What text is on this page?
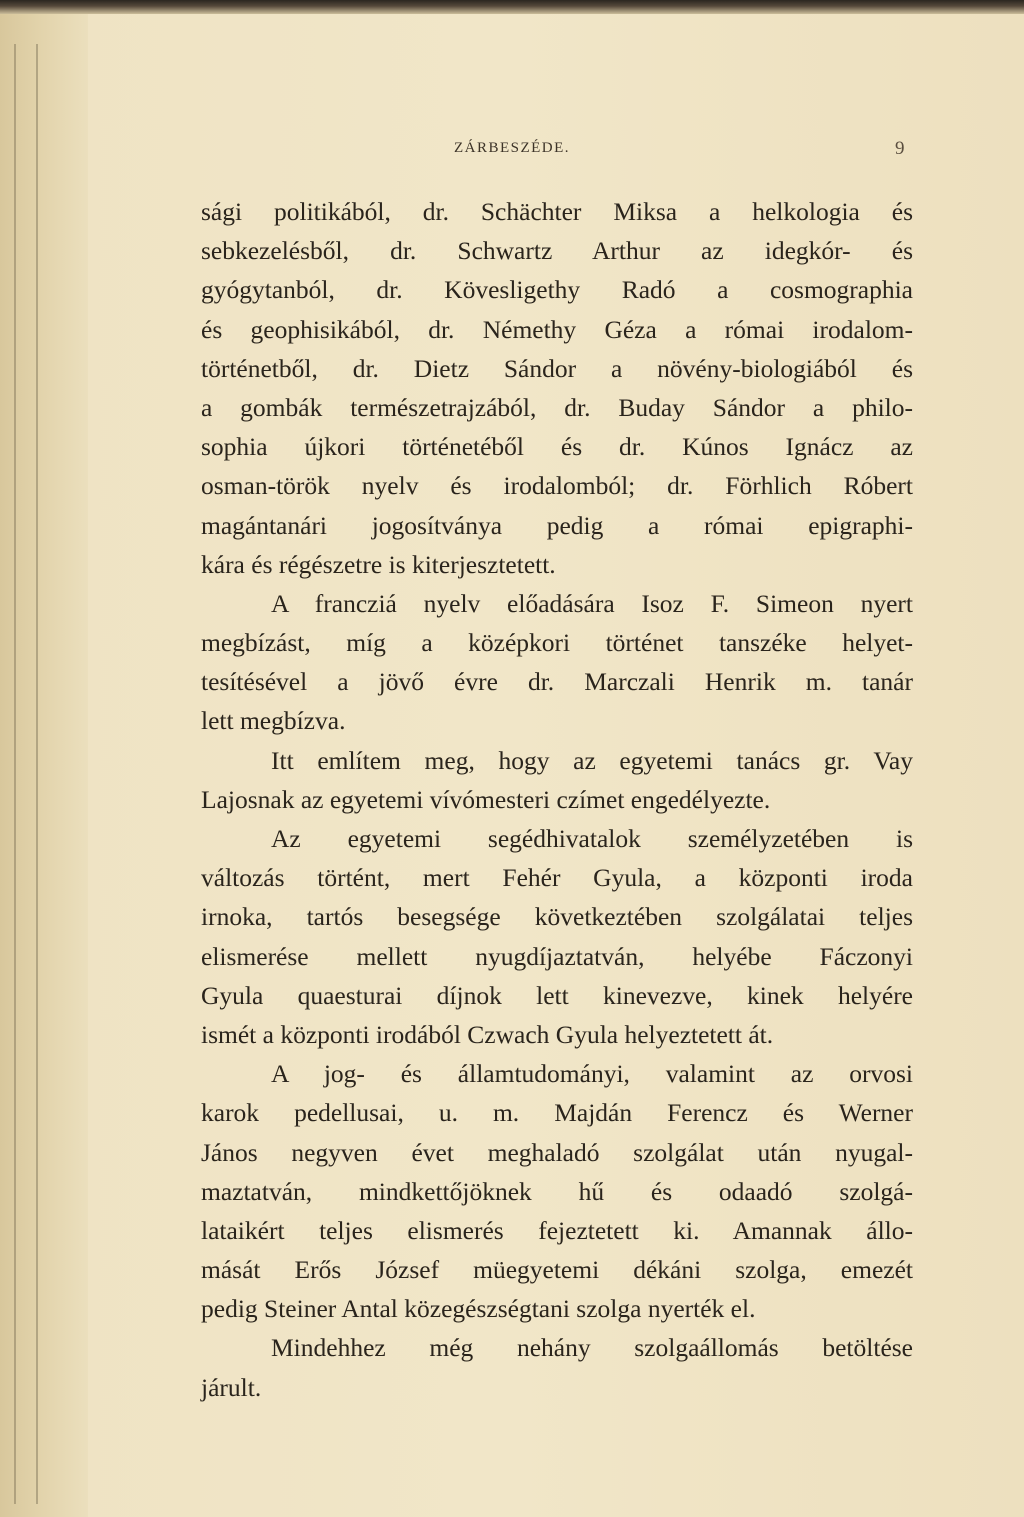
ZÁRBESZÉDE.	9
sági politikából, dr. Schächter Miksa a helkologia és
sebkezelésből, dr. Schwartz Arthur az idegkór- és
gyógytanból, dr. Kövesligethy Radó a cosmographia
és geophisikából, dr. Némethy Géza a római irodalom-
történetből, dr. Dietz Sándor a növény-biologiából és
a gombák természetrajzából, dr. Buday Sándor a philo-
sophia újkori történetéből és dr. Kúnos Ignácz az
osman-török nyelv és irodalomból; dr. Förhlich Róbert
magántanári jogosítványa pedig a római epigraphi-
kára és régészetre is kiterjesztetett.
A francziá nyelv előadására Isoz F. Simeon nyert
megbízást, míg a középkori történet tanszéke helyet-
tesítésével a jövő évre dr. Marczali Henrik m. tanár
lett megbízva.
Itt említem meg, hogy az egyetemi tanács gr. Vay
Lajosnak az egyetemi vívómesteri czímet engedélyezte.
Az egyetemi segédhivatalok személyzetében is
változás történt, mert Fehér Gyula, a központi iroda
irnoka, tartós besegsége következtében szolgálatai teljes
elismerése mellett nyugdíjaztatván, helyébe Fáczonyi
Gyula quaesturai díjnok lett kinevezve, kinek helyére
ismét a központi irodából Czwach Gyula helyeztetett át.
A jog- és államtudományi, valamint az orvosi
karok pedellusai, u. m. Majdán Ferencz és Werner
János negyven évet meghaladó szolgálat után nyugal-
maztatván, mindkettőjöknek hű és odaadó szolgá-
lataikért teljes elismerés fejeztetett ki. Amannak állo-
mását Erős József müegyetemi dékáni szolga, emezét
pedig Steiner Antal közegészségtani szolga nyerték el.
Mindehhez még nehány szolgaállomás betöltése
járult.
